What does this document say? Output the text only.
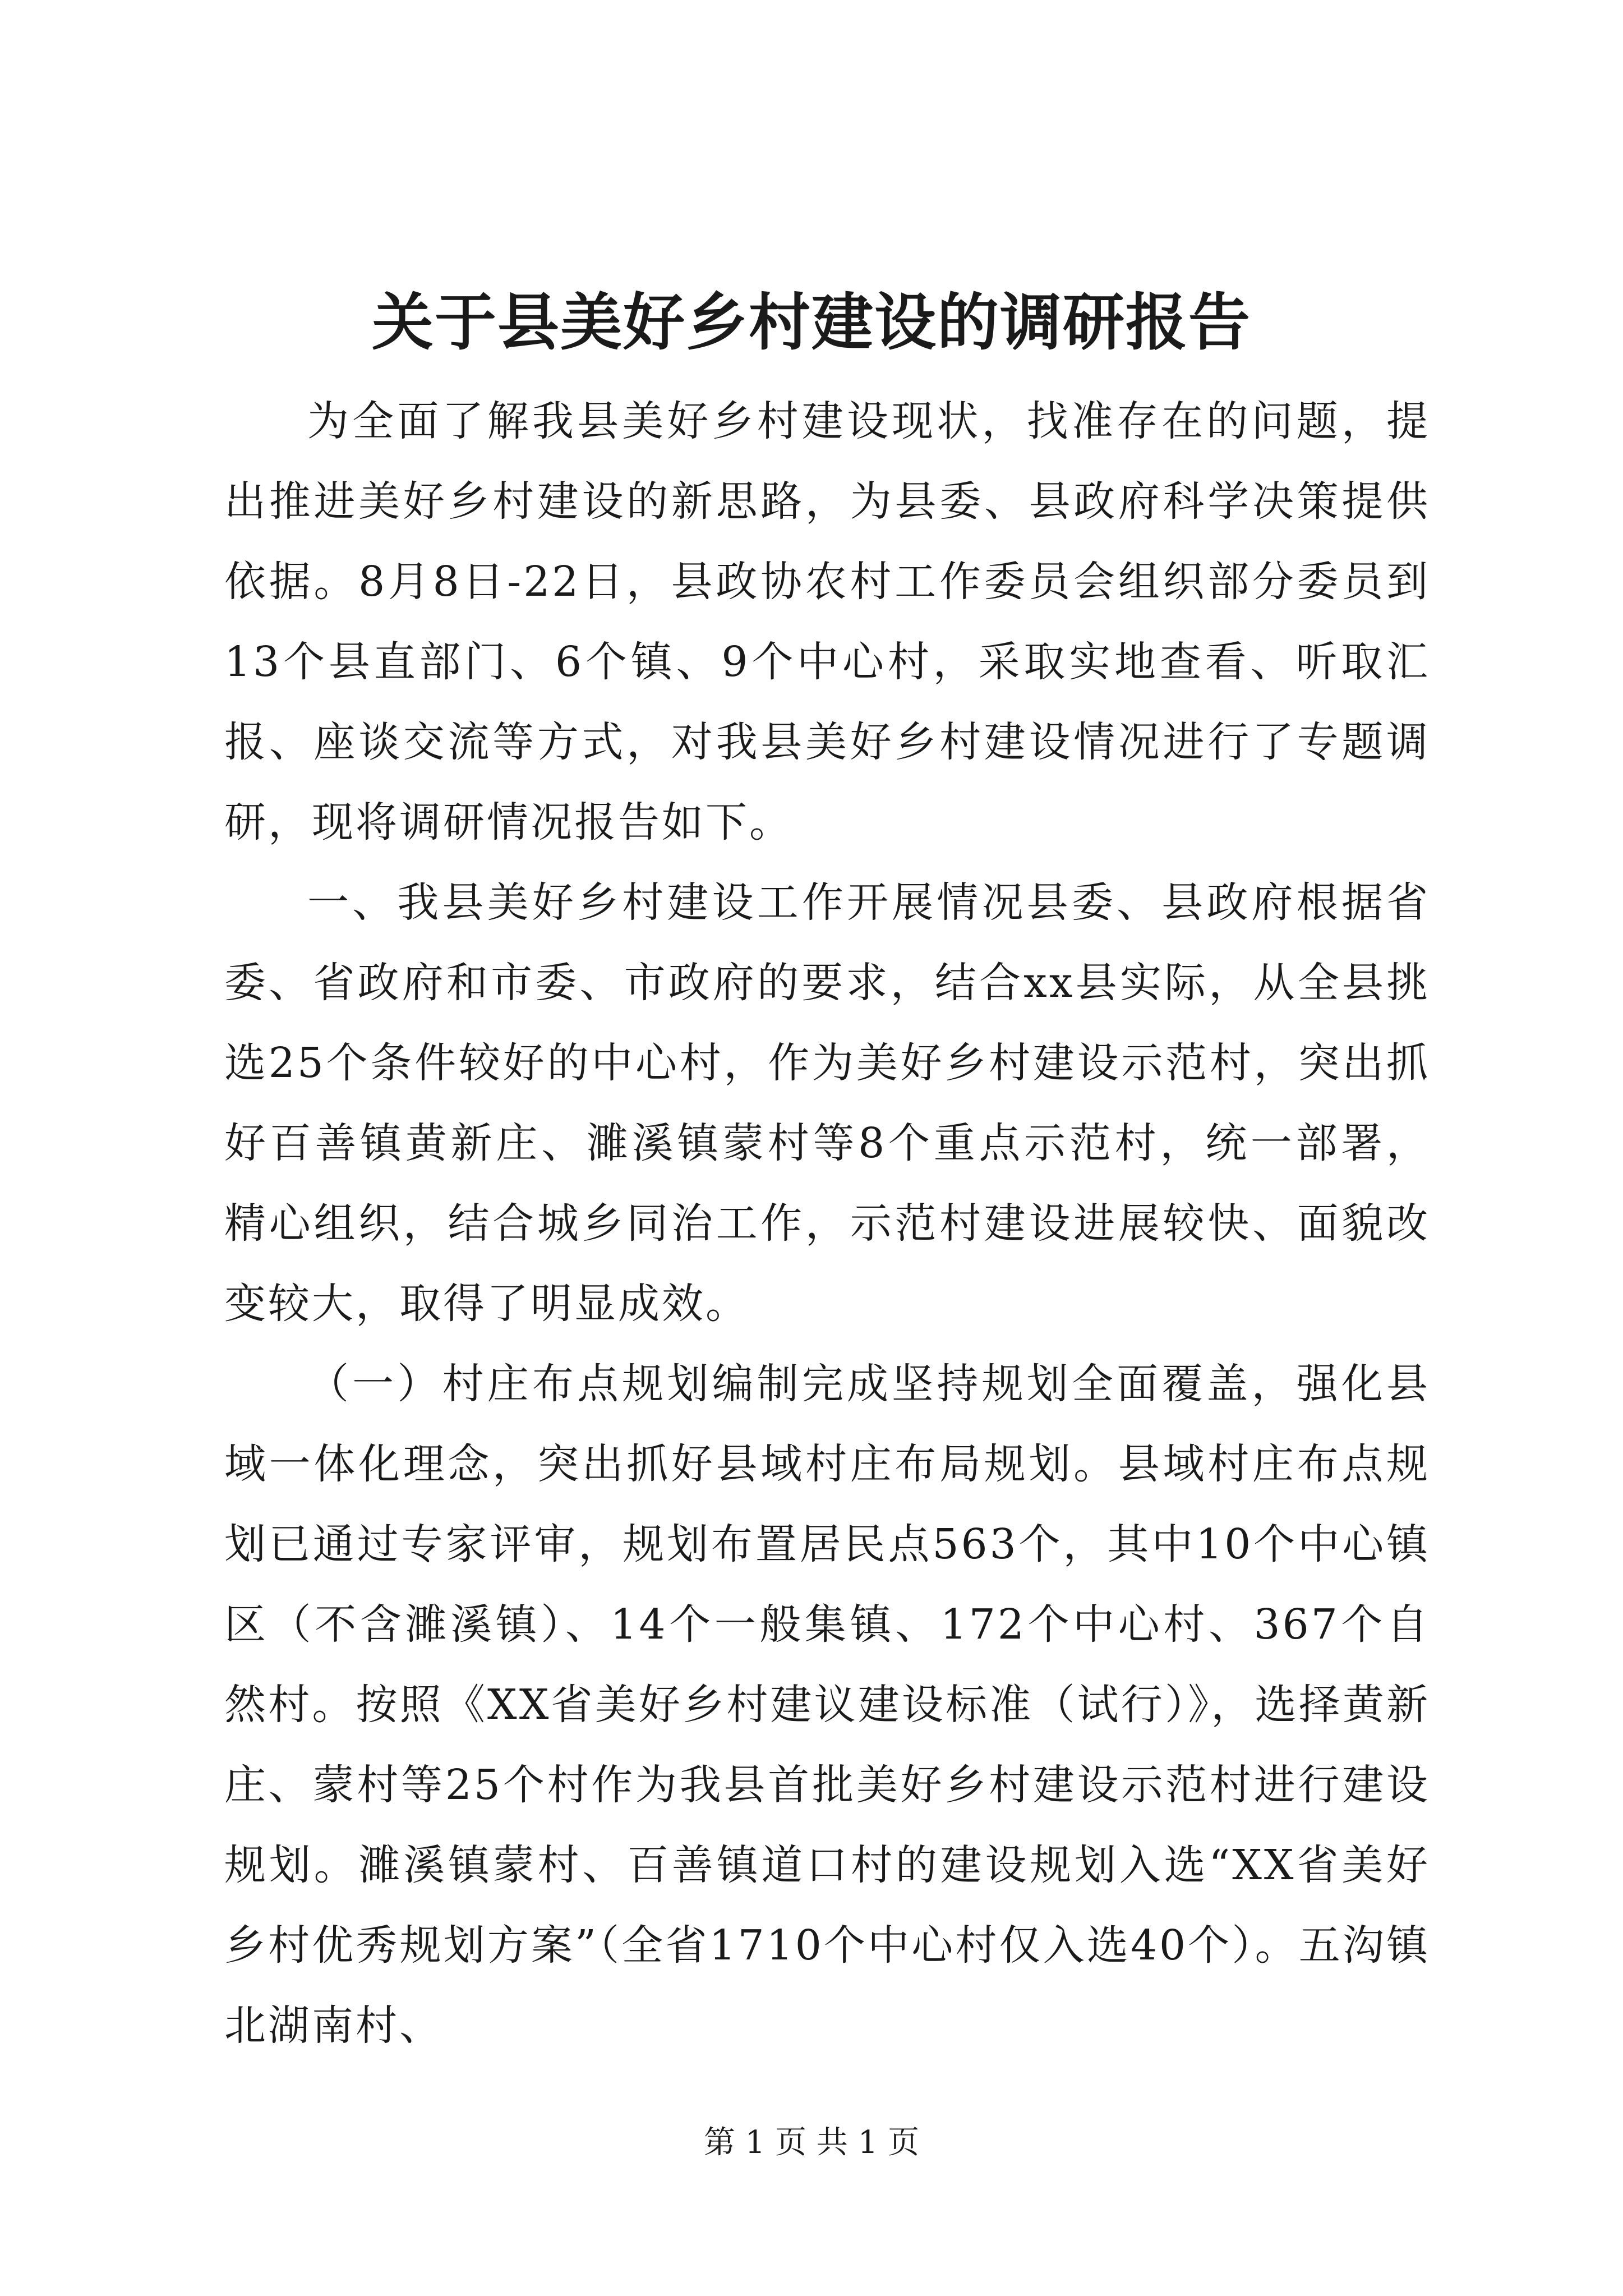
关于县美好乡村建设的调研报告

为全面了解我县美好乡村建设现状，找准存在的问题，提出推进美好乡村建设的新思路，为县委、县政府科学决策提供依据。8月8日-22日，县政协农村工作委员会组织部分委员到13个县直部门、6个镇、9个中心村，采取实地查看、听取汇报、座谈交流等方式，对我县美好乡村建设情况进行了专题调研，现将调研情况报告如下。

一、我县美好乡村建设工作开展情况县委、县政府根据省委、省政府和市委、市政府的要求，结合xx县实际，从全县挑选25个条件较好的中心村，作为美好乡村建设示范村，突出抓好百善镇黄新庄、濉溪镇蒙村等8个重点示范村，统一部署，精心组织，结合城乡同治工作，示范村建设进展较快、面貌改变较大，取得了明显成效。

（一）村庄布点规划编制完成坚持规划全面覆盖，强化县域一体化理念，突出抓好县域村庄布局规划。县域村庄布点规划已通过专家评审，规划布置居民点563个，其中10个中心镇区（不含濉溪镇）、14个一般集镇、172个中心村、367个自然村。按照《XX省美好乡村建议建设标准（试行）》，选择黄新庄、蒙村等25个村作为我县首批美好乡村建设示范村进行建设规划。濉溪镇蒙村、百善镇道口村的建设规划入选“XX省美好乡村优秀规划方案”（全省1710个中心村仅入选40个）。五沟镇北湖南村、

第 1 页 共 1 页
